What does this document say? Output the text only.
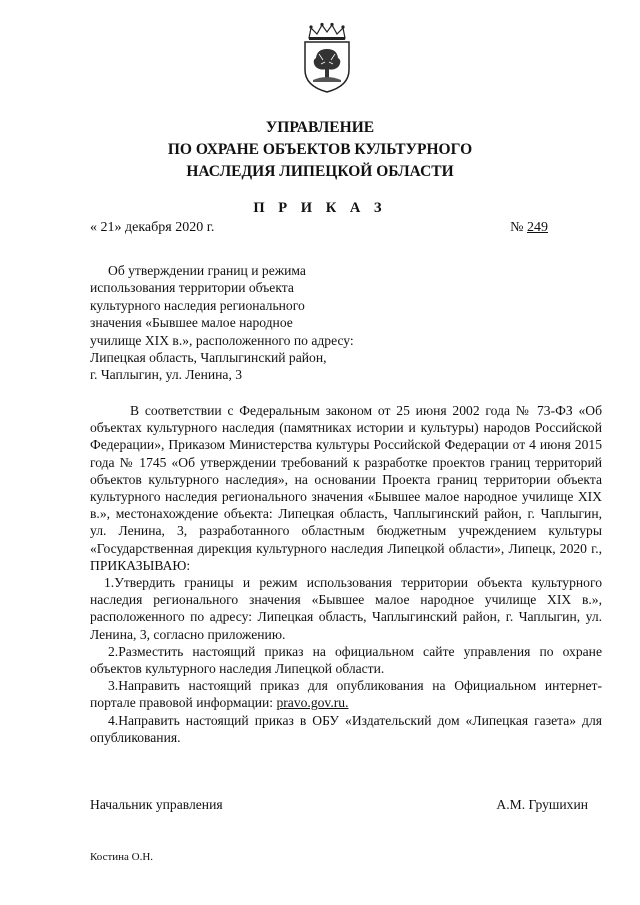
УПРАВЛЕНИЕ
ПО ОХРАНЕ ОБЪЕКТОВ КУЛЬТУРНОГО
НАСЛЕДИЯ ЛИПЕЦКОЙ ОБЛАСТИ
П Р И К А З
« 21» декабря 2020 г.	№ 249
Об утверждении границ и режима
использования территории объекта
культурного наследия регионального
значения «Бывшее малое народное
училище XIX в.», расположенного по адресу:
Липецкая область, Чаплыгинский район,
г. Чаплыгин, ул. Ленина, 3

В соответствии с Федеральным законом от 25 июня 2002 года № 73-ФЗ «Об объектах культурного наследия (памятниках истории и культуры) народов Российской Федерации», Приказом Министерства культуры Российской Федерации от 4 июня 2015 года № 1745 «Об утверждении требований к разработке проектов границ территорий объектов культурного наследия», на основании Проекта границ территории объекта культурного наследия регионального значения «Бывшее малое народное училище XIX в.», местонахождение объекта: Липецкая область, Чаплыгинский район, г. Чаплыгин, ул. Ленина, 3, разработанного областным бюджетным учреждением культуры «Государственная дирекция культурного наследия Липецкой области», Липецк, 2020 г., ПРИКАЗЫВАЮ:

1.Утвердить границы и режим использования территории объекта культурного наследия регионального значения «Бывшее малое народное училище XIX в.», расположенного по адресу: Липецкая область, Чаплыгинский район, г. Чаплыгин, ул. Ленина, 3, согласно приложению.

2.Разместить настоящий приказ на официальном сайте управления по охране объектов культурного наследия Липецкой области.

3.Направить настоящий приказ для опубликования на Официальном интернет-портале правовой информации: pravo.gov.ru.

4.Направить настоящий приказ в ОБУ «Издательский дом «Липецкая газета» для опубликования.

Начальник управления	А.М. Грушихин
Костина О.Н.
